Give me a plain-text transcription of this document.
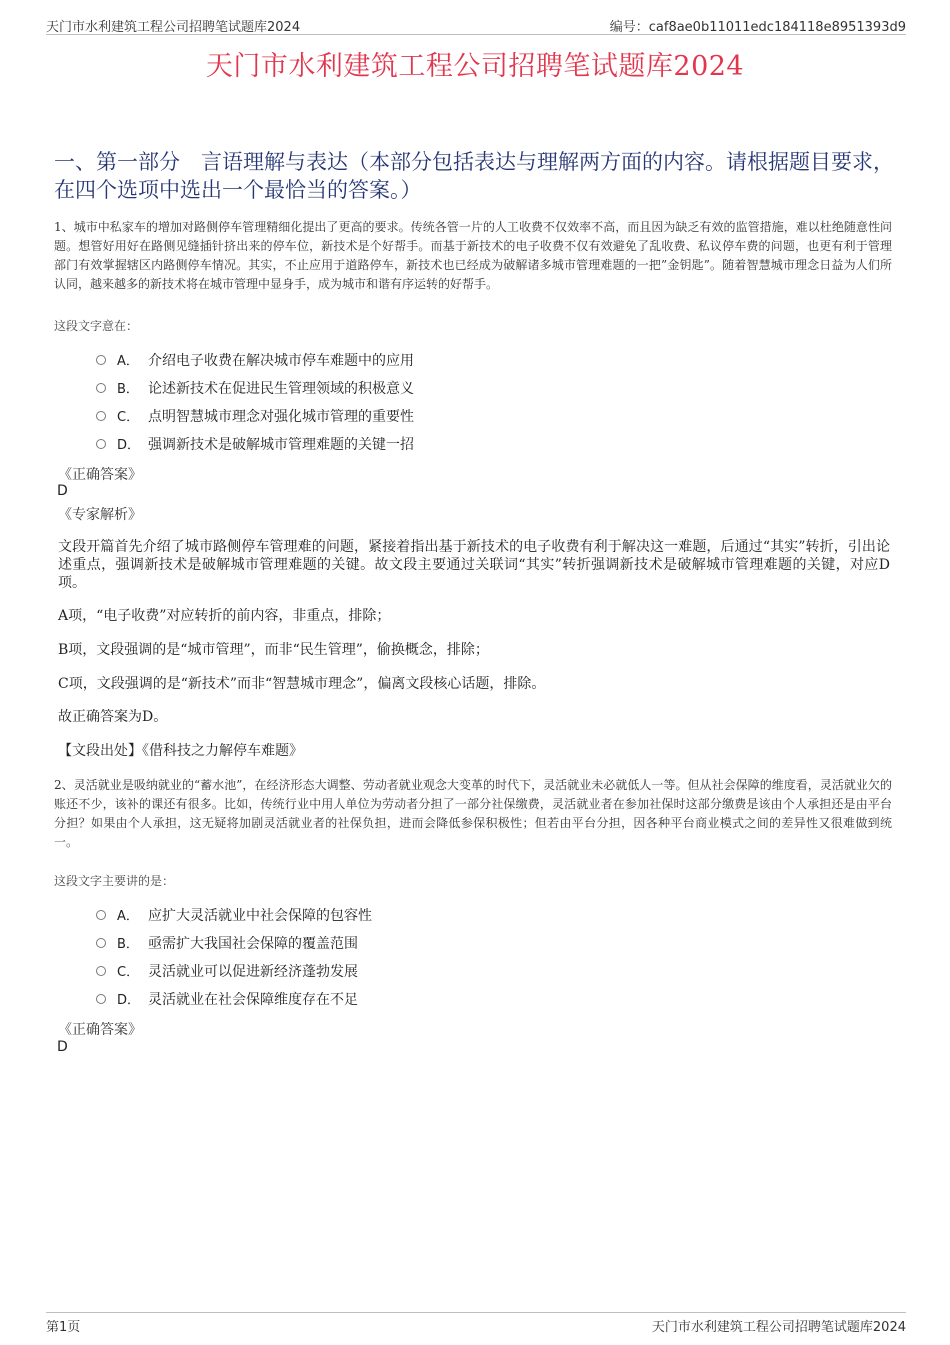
天门市水利建筑工程公司招聘笔试题库2024	编号：caf8ae0b11011edc184118e8951393d9
天门市水利建筑工程公司招聘笔试题库2024
一、第一部分　言语理解与表达（本部分包括表达与理解两方面的内容。请根据题目要求，在四个选项中选出一个最恰当的答案。）
1、城市中私家车的增加对路侧停车管理精细化提出了更高的要求。传统各管一片的人工收费不仅效率不高，而且因为缺乏有效的监管措施，难以杜绝随意性问题。想管好用好在路侧见缝插针挤出来的停车位，新技术是个好帮手。而基于新技术的电子收费不仅有效避免了乱收费、私议停车费的问题，也更有利于管理部门有效掌握辖区内路侧停车情况。其实，不止应用于道路停车，新技术也已经成为破解诸多城市管理难题的一把”金钥匙”。随着智慧城市理念日益为人们所认同，越来越多的新技术将在城市管理中显身手，成为城市和谐有序运转的好帮手。
这段文字意在：
A． 介绍电子收费在解决城市停车难题中的应用
B． 论述新技术在促进民生管理领域的积极意义
C． 点明智慧城市理念对强化城市管理的重要性
D． 强调新技术是破解城市管理难题的关键一招
《正确答案》
D
《专家解析》
文段开篇首先介绍了城市路侧停车管理难的问题，紧接着指出基于新技术的电子收费有利于解决这一难题，后通过“其实”转折，引出论述重点，强调新技术是破解城市管理难题的关键。故文段主要通过关联词“其实”转折强调新技术是破解城市管理难题的关键，对应D项。
A项，“电子收费”对应转折的前内容，非重点，排除；
B项，文段强调的是“城市管理”，而非“民生管理”，偷换概念，排除；
C项，文段强调的是“新技术”而非“智慧城市理念”，偏离文段核心话题，排除。
故正确答案为D。
【文段出处】《借科技之力解停车难题》
2、灵活就业是吸纳就业的“蓄水池”，在经济形态大调整、劳动者就业观念大变革的时代下，灵活就业未必就低人一等。但从社会保障的维度看，灵活就业欠的账还不少，该补的课还有很多。比如，传统行业中用人单位为劳动者分担了一部分社保缴费，灵活就业者在参加社保时这部分缴费是该由个人承担还是由平台分担？如果由个人承担，这无疑将加剧灵活就业者的社保负担，进而会降低参保积极性；但若由平台分担，因各种平台商业模式之间的差异性又很难做到统一。
这段文字主要讲的是：
A． 应扩大灵活就业中社会保障的包容性
B． 亟需扩大我国社会保障的覆盖范围
C． 灵活就业可以促进新经济蓬勃发展
D． 灵活就业在社会保障维度存在不足
《正确答案》
D
第1页	天门市水利建筑工程公司招聘笔试题库2024
